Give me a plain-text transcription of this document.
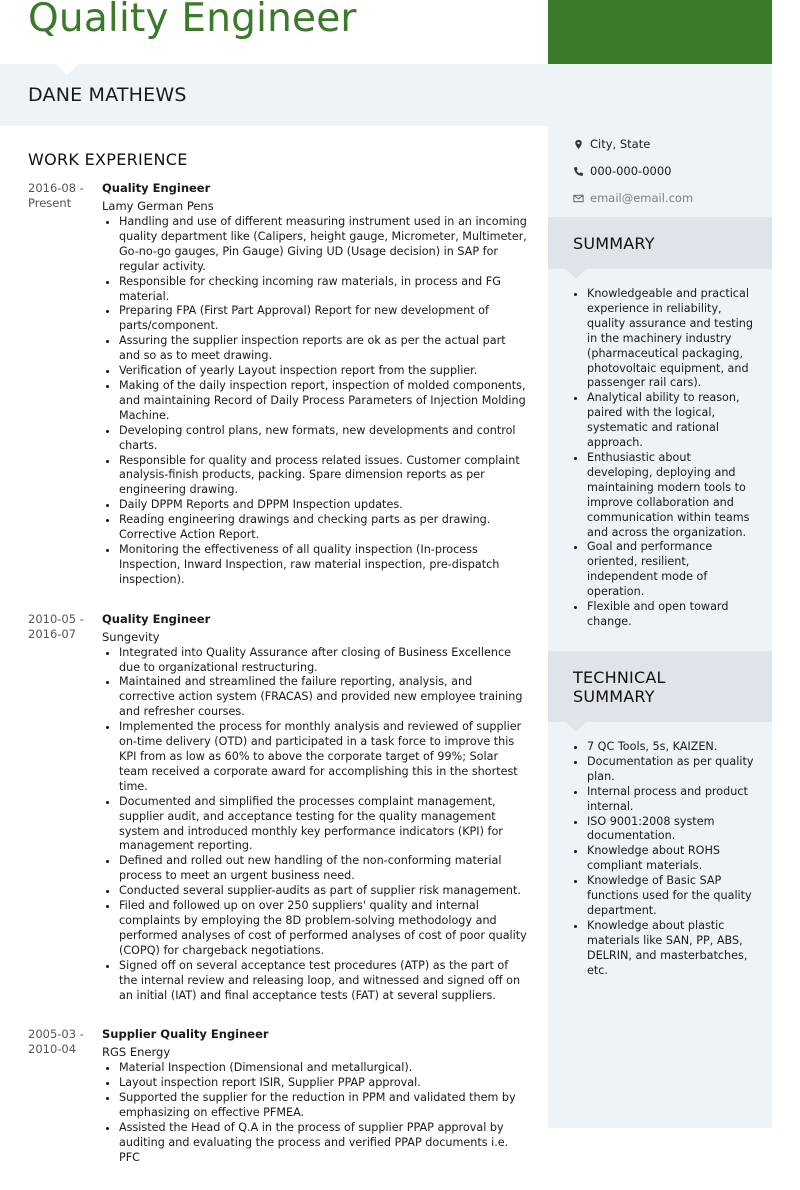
Quality Engineer
DANE MATHEWS
WORK EXPERIENCE
2016-08 -
Present
Quality Engineer
Lamy German Pens
• Handling and use of different measuring instrument used in an incoming quality department like (Calipers, height gauge, Micrometer, Multimeter, Go-no-go gauges, Pin Gauge) Giving UD (Usage decision) in SAP for regular activity.
• Responsible for checking incoming raw materials, in process and FG material.
• Preparing FPA (First Part Approval) Report for new development of parts/component.
• Assuring the supplier inspection reports are ok as per the actual part and so as to meet drawing.
• Verification of yearly Layout inspection report from the supplier.
• Making of the daily inspection report, inspection of molded components, and maintaining Record of Daily Process Parameters of Injection Molding Machine.
• Developing control plans, new formats, new developments and control charts.
• Responsible for quality and process related issues. Customer complaint analysis-finish products, packing. Spare dimension reports as per engineering drawing.
• Daily DPPM Reports and DPPM Inspection updates.
• Reading engineering drawings and checking parts as per drawing. Corrective Action Report.
• Monitoring the effectiveness of all quality inspection (In-process Inspection, Inward Inspection, raw material inspection, pre-dispatch inspection).
2010-05 -
2016-07
Quality Engineer
Sungevity
• Integrated into Quality Assurance after closing of Business Excellence due to organizational restructuring.
• Maintained and streamlined the failure reporting, analysis, and corrective action system (FRACAS) and provided new employee training and refresher courses.
• Implemented the process for monthly analysis and reviewed of supplier on-time delivery (OTD) and participated in a task force to improve this KPI from as low as 60% to above the corporate target of 99%; Solar team received a corporate award for accomplishing this in the shortest time.
• Documented and simplified the processes complaint management, supplier audit, and acceptance testing for the quality management system and introduced monthly key performance indicators (KPI) for management reporting.
• Defined and rolled out new handling of the non-conforming material process to meet an urgent business need.
• Conducted several supplier-audits as part of supplier risk management.
• Filed and followed up on over 250 suppliers' quality and internal complaints by employing the 8D problem-solving methodology and performed analyses of cost of performed analyses of cost of poor quality (COPQ) for chargeback negotiations.
• Signed off on several acceptance test procedures (ATP) as the part of the internal review and releasing loop, and witnessed and signed off on an initial (IAT) and final acceptance tests (FAT) at several suppliers.
2005-03 -
2010-04
Supplier Quality Engineer
RGS Energy
• Material Inspection (Dimensional and metallurgical).
• Layout inspection report ISIR, Supplier PPAP approval.
• Supported the supplier for the reduction in PPM and validated them by emphasizing on effective PFMEA.
• Assisted the Head of Q.A in the process of supplier PPAP approval by auditing and evaluating the process and verified PPAP documents i.e. PFC
City, State
000-000-0000
email@email.com
SUMMARY
• Knowledgeable and practical experience in reliability, quality assurance and testing in the machinery industry (pharmaceutical packaging, photovoltaic equipment, and passenger rail cars).
• Analytical ability to reason, paired with the logical, systematic and rational approach.
• Enthusiastic about developing, deploying and maintaining modern tools to improve collaboration and communication within teams and across the organization.
• Goal and performance oriented, resilient, independent mode of operation.
• Flexible and open toward change.
TECHNICAL
SUMMARY
• 7 QC Tools, 5s, KAIZEN.
• Documentation as per quality plan.
• Internal process and product internal.
• ISO 9001:2008 system documentation.
• Knowledge about ROHS compliant materials.
• Knowledge of Basic SAP functions used for the quality department.
• Knowledge about plastic materials like SAN, PP, ABS, DELRIN, and masterbatches, etc.
